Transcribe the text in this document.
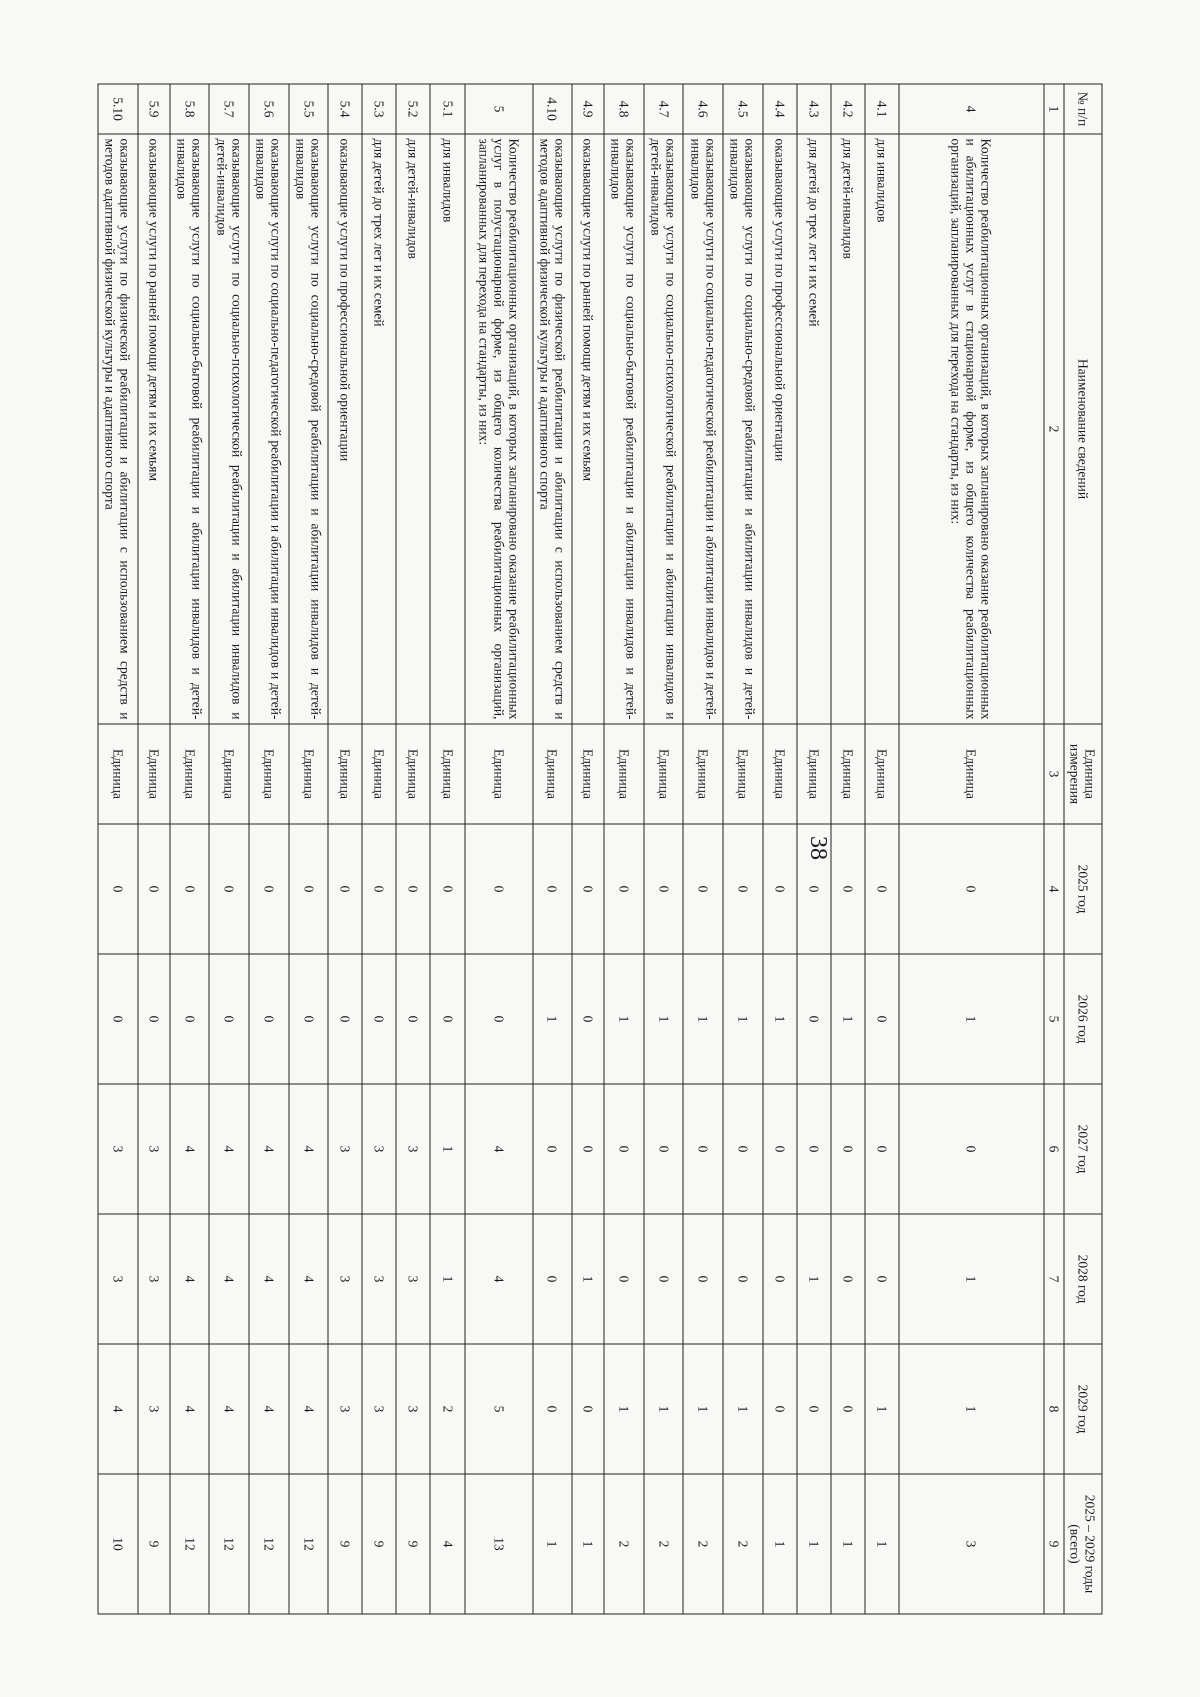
38
№ п/п	Наименование сведений	Единица измерения	2025 год	2026 год	2027 год	2028 год	2029 год	2025 – 2029 годы (всего)
1	2	3	4	5	6	7	8	9
4	Количество реабилитационных организаций, в которых запланировано оказание реабилитационных и абилитационных услуг в стационарной форме, из общего количества реабилитационных организаций, запланированных для перехода на стандарты, из них:	Единица	0	1	0	1	1	3
4.1	для инвалидов	Единица	0	0	0	0	1	1
4.2	для детей-инвалидов	Единица	0	1	0	0	0	1
4.3	для детей до трех лет и их семей	Единица	0	0	0	1	0	1
4.4	оказывающие услуги по профессиональной ориентации	Единица	0	1	0	0	0	1
4.5	оказывающие услуги по социально-средовой реабилитации и абилитации инвалидов и детей-инвалидов	Единица	0	1	0	0	1	2
4.6	оказывающие услуги по социально-педагогической реабилитации и абилитации инвалидов и детей-инвалидов	Единица	0	1	0	0	1	2
4.7	оказывающие услуги по социально-психологической реабилитации и абилитации инвалидов и детей-инвалидов	Единица	0	1	0	0	1	2
4.8	оказывающие услуги по социально-бытовой реабилитации и абилитации инвалидов и детей-инвалидов	Единица	0	1	0	0	1	2
4.9	оказывающие услуги по ранней помощи детям и их семьям	Единица	0	0	0	1	0	1
4.10	оказывающие услуги по физической реабилитации и абилитации с использованием средств и методов адаптивной физической культуры и адаптивного спорта	Единица	0	1	0	0	0	1
5	Количество реабилитационных организаций, в которых запланировано оказание реабилитационных услуг в полустационарной форме, из общего количества реабилитационных организаций, запланированных для перехода на стандарты, из них:	Единица	0	0	4	4	5	13
5.1	для инвалидов	Единица	0	0	1	1	2	4
5.2	для детей-инвалидов	Единица	0	0	3	3	3	9
5.3	для детей до трех лет и их семей	Единица	0	0	3	3	3	9
5.4	оказывающие услуги по профессиональной ориентации	Единица	0	0	3	3	3	9
5.5	оказывающие услуги по социально-средовой реабилитации и абилитации инвалидов и детей-инвалидов	Единица	0	0	4	4	4	12
5.6	оказывающие услуги по социально-педагогической реабилитации и абилитации инвалидов и детей-инвалидов	Единица	0	0	4	4	4	12
5.7	оказывающие услуги по социально-психологической реабилитации и абилитации инвалидов и детей-инвалидов	Единица	0	0	4	4	4	12
5.8	оказывающие услуги по социально-бытовой реабилитации и абилитации инвалидов и детей-инвалидов	Единица	0	0	4	4	4	12
5.9	оказывающие услуги по ранней помощи детям и их семьям	Единица	0	0	3	3	3	9
5.10	оказывающие услуги по физической реабилитации и абилитации с использованием средств и методов адаптивной физической культуры и адаптивного спорта	Единица	0	0	3	3	4	10
